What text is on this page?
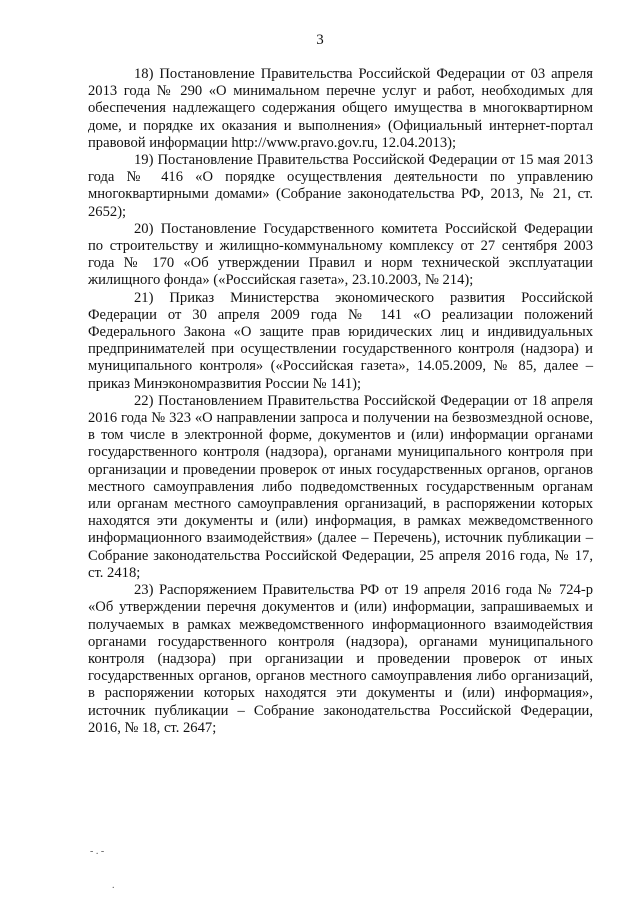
3

18) Постановление Правительства Российской Федерации от 03 апреля 2013 года № 290 «О минимальном перечне услуг и работ, необходимых для обеспечения надлежащего содержания общего имущества в многоквартирном доме, и порядке их оказания и выполнения» (Официальный интернет-портал правовой информации http://www.pravo.gov.ru, 12.04.2013);

19) Постановление Правительства Российской Федерации от 15 мая 2013 года № 416 «О порядке осуществления деятельности по управлению многоквартирными домами» (Собрание законодательства РФ, 2013, № 21, ст. 2652);

20) Постановление Государственного комитета Российской Федерации по строительству и жилищно-коммунальному комплексу от 27 сентября 2003 года № 170 «Об утверждении Правил и норм технической эксплуатации жилищного фонда» («Российская газета», 23.10.2003, № 214);

21) Приказ Министерства экономического развития Российской Федерации от 30 апреля 2009 года № 141 «О реализации положений Федерального Закона «О защите прав юридических лиц и индивидуальных предпринимателей при осуществлении государственного контроля (надзора) и муниципального контроля» («Российская газета», 14.05.2009, № 85, далее – приказ Минэкономразвития России № 141);

22) Постановлением Правительства Российской Федерации от 18 апреля 2016 года № 323 «О направлении запроса и получении на безвозмездной основе, в том числе в электронной форме, документов и (или) информации органами государственного контроля (надзора), органами муниципального контроля при организации и проведении проверок от иных государственных органов, органов местного самоуправления либо подведомственных государственным органам или органам местного самоуправления организаций, в распоряжении которых находятся эти документы и (или) информация, в рамках межведомственного информационного взаимодействия» (далее – Перечень), источник публикации – Собрание законодательства Российской Федерации, 25 апреля 2016 года, № 17, ст. 2418;

23) Распоряжением Правительства РФ от 19 апреля 2016 года № 724-р «Об утверждении перечня документов и (или) информации, запрашиваемых и получаемых в рамках межведомственного информационного взаимодействия органами государственного контроля (надзора), органами муниципального контроля (надзора) при организации и проведении проверок от иных государственных органов, органов местного самоуправления либо организаций, в распоряжении которых находятся эти документы и (или) информация», источник публикации – Собрание законодательства Российской Федерации, 2016, № 18, ст. 2647;

- . -
.
